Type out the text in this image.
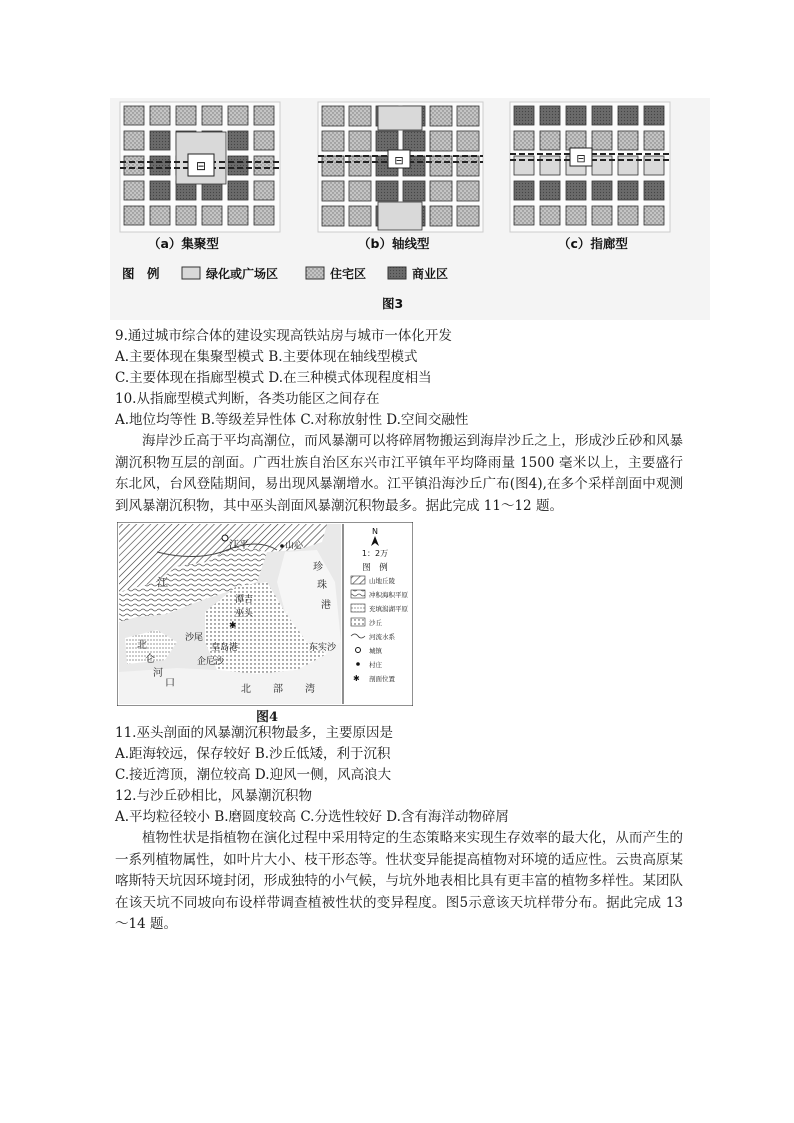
⊟
（a）集聚型
⊟
（b）轴线型
⊟
（c）指廊型
图　例	绿化或广场区	住宅区	商业区
图3
9.通过城市综合体的建设实现高铁站房与城市一体化开发
A.主要体现在集聚型模式 B.主要体现在轴线型模式
C.主要体现在指廊型模式 D.在三种模式体现程度相当
10.从指廊型模式判断，各类功能区之间存在
A.地位均等性 B.等级差异性体 C.对称放射性 D.空间交融性
海岸沙丘高于平均高潮位，而风暴潮可以将碎屑物搬运到海岸沙丘之上，形成沙丘砂和风暴潮沉积物互层的剖面。广西壮族自治区东兴市江平镇年平均降雨量 1500 毫米以上，主要盛行东北风，台风登陆期间，易出现风暴潮增水。江平镇沿海沙丘广布(图4),在多个采样剖面中观测到风暴潮沉积物，其中巫头剖面风暴潮沉积物最多。据此完成 11～12 题。
江
江平	山心
潭吉
巫头
✱
沙尾
皇岛港
企尼沙
东实沙
珍
珠
港
北
仑
河
口
北 部 湾
N
1：2万
图　例
山地丘陵
冲积海积平原
充填潟湖平原
沙丘
河流水系
城镇
村庄
✱ 剖面位置
图4
11.巫头剖面的风暴潮沉积物最多，主要原因是
A.距海较远，保存较好 B.沙丘低矮，利于沉积
C.接近湾顶，潮位较高 D.迎风一侧，风高浪大
12.与沙丘砂相比，风暴潮沉积物
A.平均粒径较小 B.磨圆度较高 C.分选性较好 D.含有海洋动物碎屑
植物性状是指植物在演化过程中采用特定的生态策略来实现生存效率的最大化，从而产生的一系列植物属性，如叶片大小、枝干形态等。性状变异能提高植物对环境的适应性。云贵高原某喀斯特天坑因环境封闭，形成独特的小气候，与坑外地表相比具有更丰富的植物多样性。某团队在该天坑不同坡向布设样带调查植被性状的变异程度。图5示意该天坑样带分布。据此完成 13～14 题。
